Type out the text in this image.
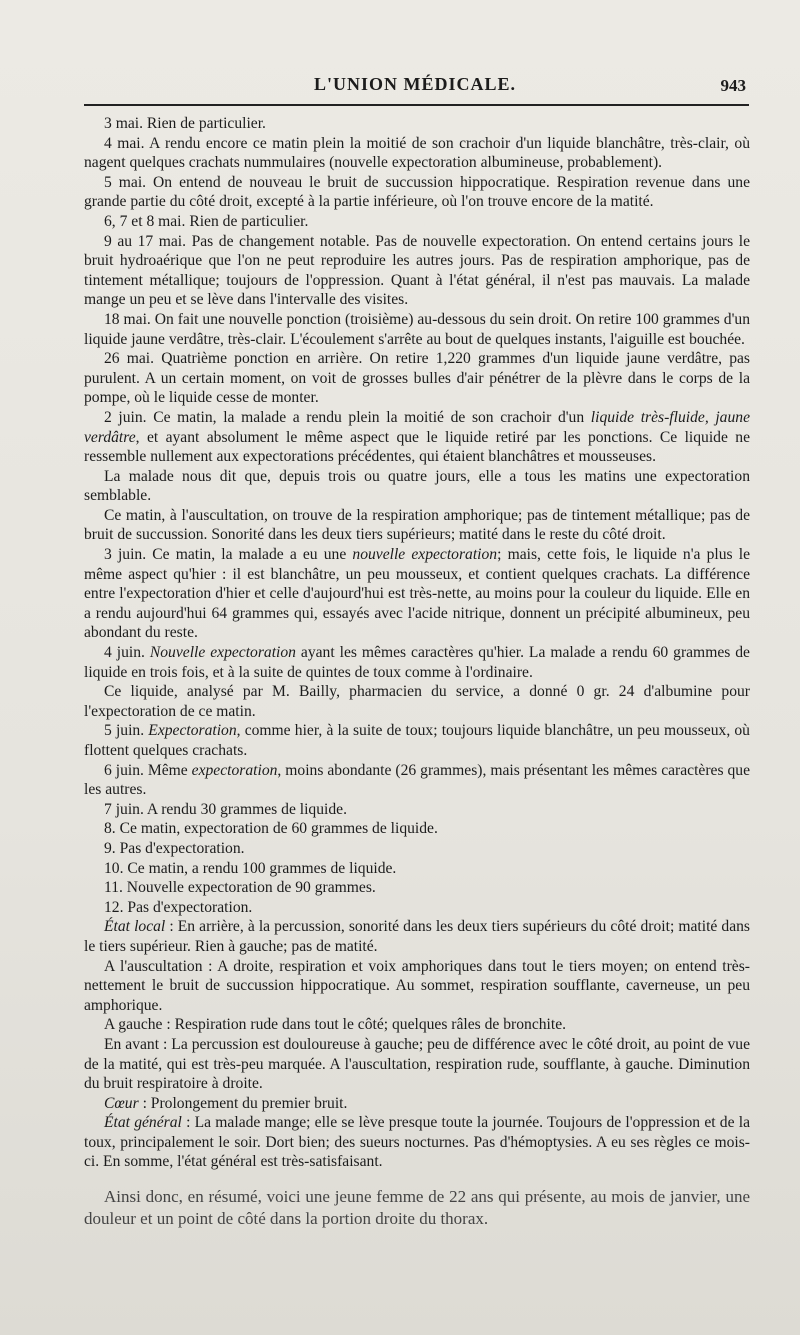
L'UNION MÉDICALE.	943

3 mai. Rien de particulier.

4 mai. A rendu encore ce matin plein la moitié de son crachoir d'un liquide blanchâtre, très-clair, où nagent quelques crachats nummulaires (nouvelle expectoration albumineuse, probablement).

5 mai. On entend de nouveau le bruit de succussion hippocratique. Respiration revenue dans une grande partie du côté droit, excepté à la partie inférieure, où l'on trouve encore de la matité.

6, 7 et 8 mai. Rien de particulier.

9 au 17 mai. Pas de changement notable. Pas de nouvelle expectoration. On entend certains jours le bruit hydroaérique que l'on ne peut reproduire les autres jours. Pas de respiration amphorique, pas de tintement métallique; toujours de l'oppression. Quant à l'état général, il n'est pas mauvais. La malade mange un peu et se lève dans l'intervalle des visites.

18 mai. On fait une nouvelle ponction (troisième) au-dessous du sein droit. On retire 100 grammes d'un liquide jaune verdâtre, très-clair. L'écoulement s'arrête au bout de quelques instants, l'aiguille est bouchée.

26 mai. Quatrième ponction en arrière. On retire 1,220 grammes d'un liquide jaune verdâtre, pas purulent. A un certain moment, on voit de grosses bulles d'air pénétrer de la plèvre dans le corps de la pompe, où le liquide cesse de monter.

2 juin. Ce matin, la malade a rendu plein la moitié de son crachoir d'un liquide très-fluide, jaune verdâtre, et ayant absolument le même aspect que le liquide retiré par les ponctions. Ce liquide ne ressemble nullement aux expectorations précédentes, qui étaient blanchâtres et mousseuses.

La malade nous dit que, depuis trois ou quatre jours, elle a tous les matins une expectoration semblable.

Ce matin, à l'auscultation, on trouve de la respiration amphorique; pas de tintement métallique; pas de bruit de succussion. Sonorité dans les deux tiers supérieurs; matité dans le reste du côté droit.

3 juin. Ce matin, la malade a eu une nouvelle expectoration; mais, cette fois, le liquide n'a plus le même aspect qu'hier : il est blanchâtre, un peu mousseux, et contient quelques crachats. La différence entre l'expectoration d'hier et celle d'aujourd'hui est très-nette, au moins pour la couleur du liquide. Elle en a rendu aujourd'hui 64 grammes qui, essayés avec l'acide nitrique, donnent un précipité albumineux, peu abondant du reste.

4 juin. Nouvelle expectoration ayant les mêmes caractères qu'hier. La malade a rendu 60 grammes de liquide en trois fois, et à la suite de quintes de toux comme à l'ordinaire.

Ce liquide, analysé par M. Bailly, pharmacien du service, a donné 0 gr. 24 d'albumine pour l'expectoration de ce matin.

5 juin. Expectoration, comme hier, à la suite de toux; toujours liquide blanchâtre, un peu mousseux, où flottent quelques crachats.

6 juin. Même expectoration, moins abondante (26 grammes), mais présentant les mêmes caractères que les autres.

7 juin. A rendu 30 grammes de liquide.

8. Ce matin, expectoration de 60 grammes de liquide.

9. Pas d'expectoration.

10. Ce matin, a rendu 100 grammes de liquide.

11. Nouvelle expectoration de 90 grammes.

12. Pas d'expectoration.

État local : En arrière, à la percussion, sonorité dans les deux tiers supérieurs du côté droit; matité dans le tiers supérieur. Rien à gauche; pas de matité.

A l'auscultation : A droite, respiration et voix amphoriques dans tout le tiers moyen; on entend très-nettement le bruit de succussion hippocratique. Au sommet, respiration soufflante, caverneuse, un peu amphorique.

A gauche : Respiration rude dans tout le côté; quelques râles de bronchite.

En avant : La percussion est douloureuse à gauche; peu de différence avec le côté droit, au point de vue de la matité, qui est très-peu marquée. A l'auscultation, respiration rude, soufflante, à gauche. Diminution du bruit respiratoire à droite.

Cœur : Prolongement du premier bruit.

État général : La malade mange; elle se lève presque toute la journée. Toujours de l'oppression et de la toux, principalement le soir. Dort bien; des sueurs nocturnes. Pas d'hémoptysies. A eu ses règles ce mois-ci. En somme, l'état général est très-satisfaisant.

Ainsi donc, en résumé, voici une jeune femme de 22 ans qui présente, au mois de janvier, une douleur et un point de côté dans la portion droite du thorax.
